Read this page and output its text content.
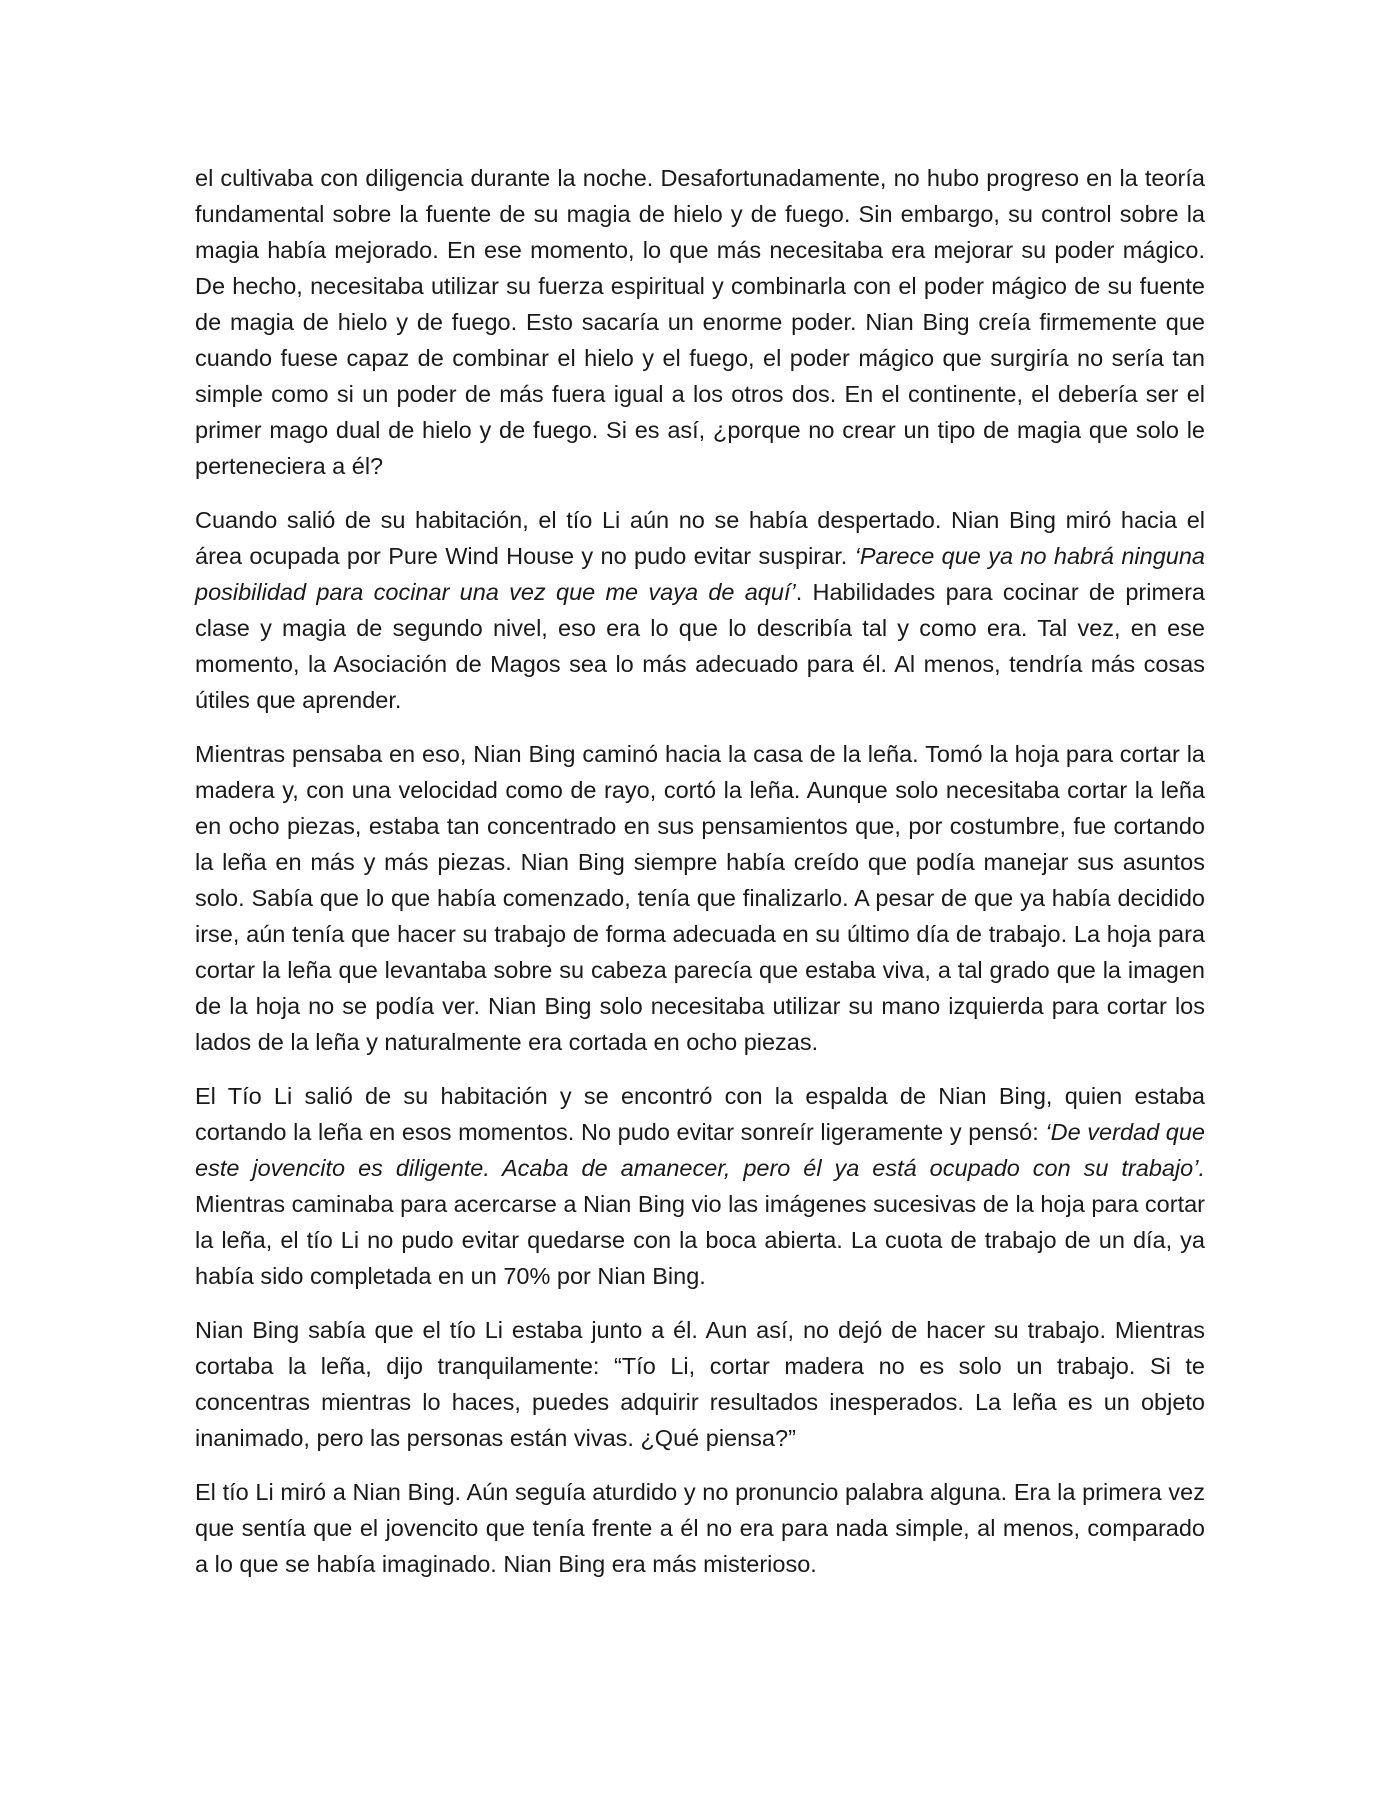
el cultivaba con diligencia durante la noche. Desafortunadamente, no hubo progreso en la teoría fundamental sobre la fuente de su magia de hielo y de fuego. Sin embargo, su control sobre la magia había mejorado. En ese momento, lo que más necesitaba era mejorar su poder mágico. De hecho, necesitaba utilizar su fuerza espiritual y combinarla con el poder mágico de su fuente de magia de hielo y de fuego. Esto sacaría un enorme poder. Nian Bing creía firmemente que cuando fuese capaz de combinar el hielo y el fuego, el poder mágico que surgiría no sería tan simple como si un poder de más fuera igual a los otros dos. En el continente, el debería ser el primer mago dual de hielo y de fuego. Si es así, ¿porque no crear un tipo de magia que solo le perteneciera a él?

Cuando salió de su habitación, el tío Li aún no se había despertado. Nian Bing miró hacia el área ocupada por Pure Wind House y no pudo evitar suspirar. ‘Parece que ya no habrá ninguna posibilidad para cocinar una vez que me vaya de aquí’. Habilidades para cocinar de primera clase y magia de segundo nivel, eso era lo que lo describía tal y como era. Tal vez, en ese momento, la Asociación de Magos sea lo más adecuado para él. Al menos, tendría más cosas útiles que aprender.

Mientras pensaba en eso, Nian Bing caminó hacia la casa de la leña. Tomó la hoja para cortar la madera y, con una velocidad como de rayo, cortó la leña. Aunque solo necesitaba cortar la leña en ocho piezas, estaba tan concentrado en sus pensamientos que, por costumbre, fue cortando la leña en más y más piezas. Nian Bing siempre había creído que podía manejar sus asuntos solo. Sabía que lo que había comenzado, tenía que finalizarlo. A pesar de que ya había decidido irse, aún tenía que hacer su trabajo de forma adecuada en su último día de trabajo. La hoja para cortar la leña que levantaba sobre su cabeza parecía que estaba viva, a tal grado que la imagen de la hoja no se podía ver. Nian Bing solo necesitaba utilizar su mano izquierda para cortar los lados de la leña y naturalmente era cortada en ocho piezas.

El Tío Li salió de su habitación y se encontró con la espalda de Nian Bing, quien estaba cortando la leña en esos momentos. No pudo evitar sonreír ligeramente y pensó: ‘De verdad que este jovencito es diligente. Acaba de amanecer, pero él ya está ocupado con su trabajo’. Mientras caminaba para acercarse a Nian Bing vio las imágenes sucesivas de la hoja para cortar la leña, el tío Li no pudo evitar quedarse con la boca abierta. La cuota de trabajo de un día, ya había sido completada en un 70% por Nian Bing.

Nian Bing sabía que el tío Li estaba junto a él. Aun así, no dejó de hacer su trabajo. Mientras cortaba la leña, dijo tranquilamente: “Tío Li, cortar madera no es solo un trabajo. Si te concentras mientras lo haces, puedes adquirir resultados inesperados. La leña es un objeto inanimado, pero las personas están vivas. ¿Qué piensa?”

El tío Li miró a Nian Bing. Aún seguía aturdido y no pronuncio palabra alguna. Era la primera vez que sentía que el jovencito que tenía frente a él no era para nada simple, al menos, comparado a lo que se había imaginado. Nian Bing era más misterioso.
